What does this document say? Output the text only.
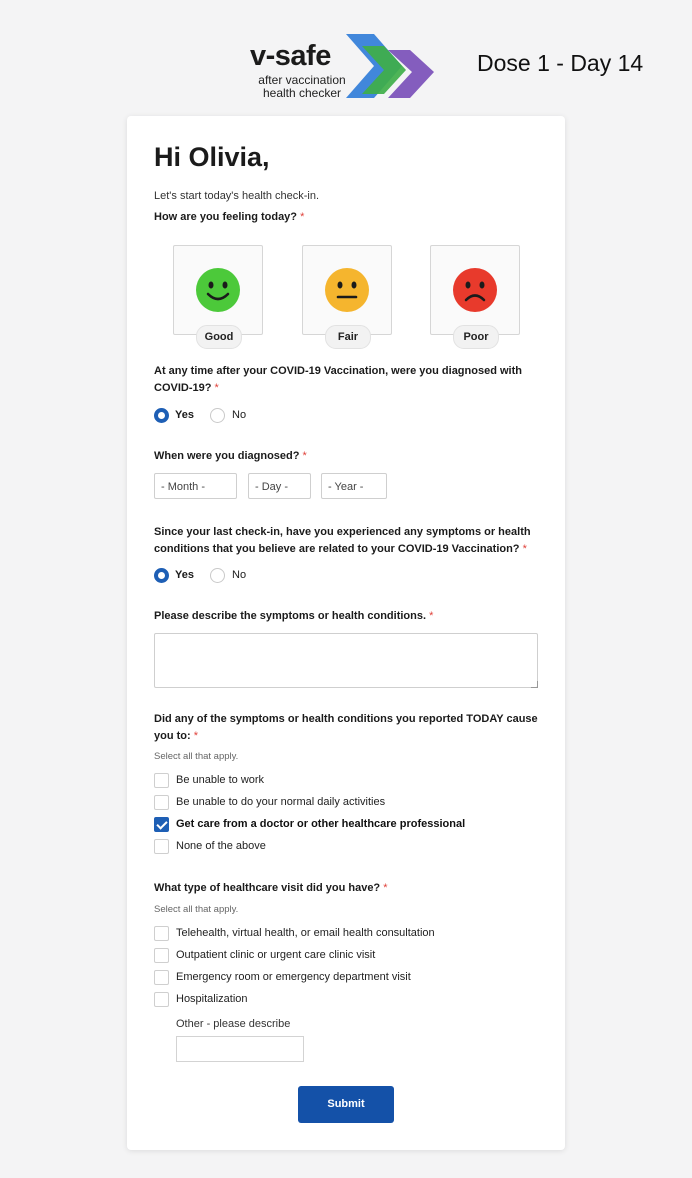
v-safe
after vaccination health checker
Dose 1 - Day 14
Hi Olivia,
Let's start today's health check-in.
How are you feeling today? *
Good	Fair	Poor
At any time after your COVID-19 Vaccination, were you diagnosed with COVID-19? *
Yes	No
When were you diagnosed? *
- Month -	- Day -	- Year -
Since your last check-in, have you experienced any symptoms or health conditions that you believe are related to your COVID-19 Vaccination? *
Yes	No
Please describe the symptoms or health conditions. *
Did any of the symptoms or health conditions you reported TODAY cause you to: *
Select all that apply.
Be unable to work
Be unable to do your normal daily activities
Get care from a doctor or other healthcare professional
None of the above
What type of healthcare visit did you have? *
Select all that apply.
Telehealth, virtual health, or email health consultation
Outpatient clinic or urgent care clinic visit
Emergency room or emergency department visit
Hospitalization
Other - please describe
Submit
